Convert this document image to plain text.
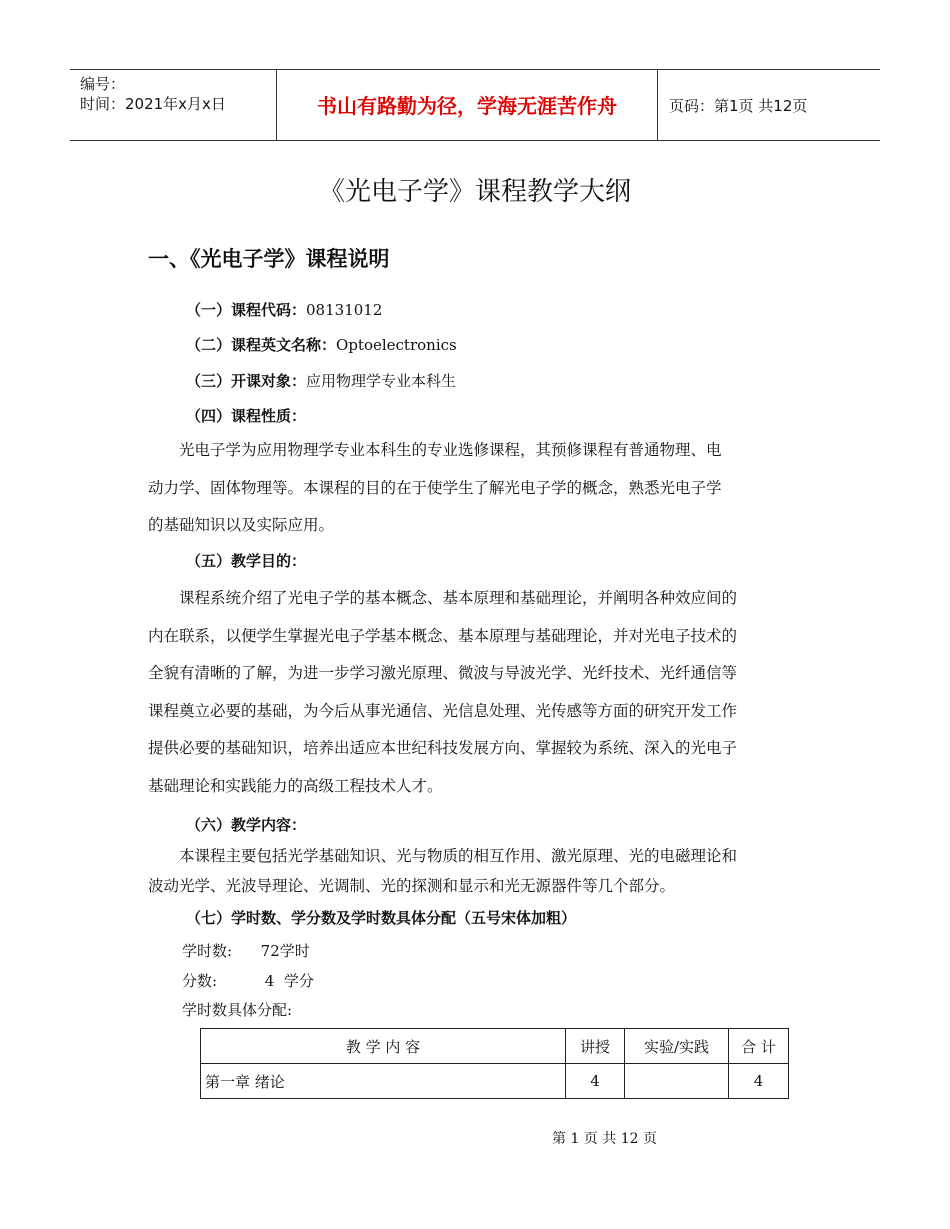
编号：
时间：2021年x月x日	书山有路勤为径，学海无涯苦作舟	页码：第1页 共12页
《光电子学》课程教学大纲
一、《光电子学》课程说明
（一）课程代码：08131012
（二）课程英文名称：Optoelectronics
（三）开课对象：应用物理学专业本科生
（四）课程性质：
光电子学为应用物理学专业本科生的专业选修课程，其预修课程有普通物理、电
动力学、固体物理等。本课程的目的在于使学生了解光电子学的概念，熟悉光电子学
的基础知识以及实际应用。
（五）教学目的：
课程系统介绍了光电子学的基本概念、基本原理和基础理论，并阐明各种效应间的
内在联系，以便学生掌握光电子学基本概念、基本原理与基础理论，并对光电子技术的
全貌有清晰的了解，为进一步学习激光原理、微波与导波光学、光纤技术、光纤通信等
课程奠立必要的基础，为今后从事光通信、光信息处理、光传感等方面的研究开发工作
提供必要的基础知识，培养出适应本世纪科技发展方向、掌握较为系统、深入的光电子
基础理论和实践能力的高级工程技术人才。
（六）教学内容：
本课程主要包括光学基础知识、光与物质的相互作用、激光原理、光的电磁理论和
波动光学、光波导理论、光调制、光的探测和显示和光无源器件等几个部分。
（七）学时数、学分数及学时数具体分配（五号宋体加粗）
学时数:      72学时
分数:          4  学分
学时数具体分配:
教 学 内 容	讲授	实验/实践	合 计
第一章 绪论	4		4
第 1 页 共 12 页
